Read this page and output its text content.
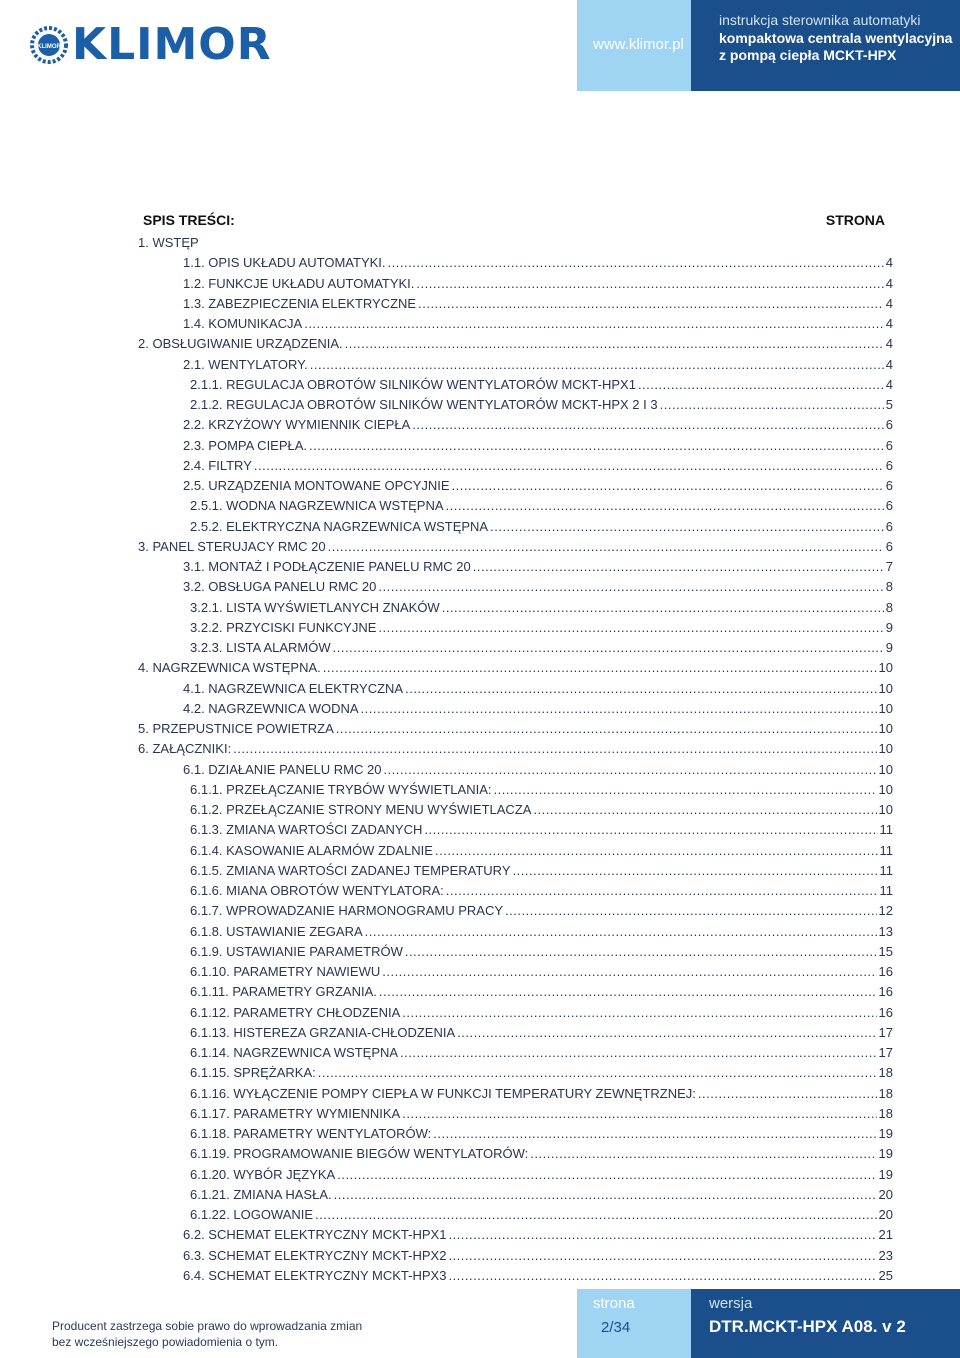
KLIMOR KLIMOR	www.klimor.pl
instrukcja sterownika automatyki
kompaktowa centrala wentylacyjna
z pompą ciepła MCKT-HPX
SPIS TREŚCI:	STRONA
1. WSTĘP
1.1. OPIS UKŁADU AUTOMATYKI. .....	4
1.2. FUNKCJE UKŁADU AUTOMATYKI. .....	4
1.3. ZABEZPIECZENIA ELEKTRYCZNE .....	4
1.4. KOMUNIKACJA .....	4
2. OBSŁUGIWANIE URZĄDZENIA. .....	4
2.1. WENTYLATORY. .....	4
2.1.1. REGULACJA OBROTÓW SILNIKÓW WENTYLATORÓW MCKT-HPX1 .....	4
2.1.2. REGULACJA OBROTÓW SILNIKÓW WENTYLATORÓW MCKT-HPX 2 I 3 .....	5
2.2. KRZYŻOWY WYMIENNIK CIEPŁA .....	6
2.3. POMPA CIEPŁA. .....	6
2.4. FILTRY .....	6
2.5. URZĄDZENIA MONTOWANE OPCYJNIE .....	6
2.5.1. WODNA NAGRZEWNICA WSTĘPNA .....	6
2.5.2. ELEKTRYCZNA NAGRZEWNICA WSTĘPNA .....	6
3. PANEL STERUJACY RMC 20 .....	6
3.1. MONTAŻ I PODŁĄCZENIE PANELU RMC 20 .....	7
3.2. OBSŁUGA PANELU RMC 20 .....	8
3.2.1. LISTA WYŚWIETLANYCH ZNAKÓW .....	8
3.2.2. PRZYCISKI FUNKCYJNE .....	9
3.2.3. LISTA ALARMÓW .....	9
4. NAGRZEWNICA WSTĘPNA. .....	10
4.1. NAGRZEWNICA ELEKTRYCZNA .....	10
4.2. NAGRZEWNICA WODNA .....	10
5. PRZEPUSTNICE POWIETRZA .....	10
6. ZAŁĄCZNIKI: .....	10
6.1. DZIAŁANIE PANELU RMC 20 .....	10
6.1.1. PRZEŁĄCZANIE TRYBÓW WYŚWIETLANIA: .....	10
6.1.2. PRZEŁĄCZANIE STRONY MENU WYŚWIETLACZA .....	10
6.1.3. ZMIANA WARTOŚCI ZADANYCH .....	11
6.1.4. KASOWANIE ALARMÓW ZDALNIE .....	11
6.1.5. ZMIANA WARTOŚCI ZADANEJ TEMPERATURY .....	11
6.1.6. MIANA OBROTÓW WENTYLATORA: .....	11
6.1.7. WPROWADZANIE HARMONOGRAMU PRACY .....	12
6.1.8. USTAWIANIE ZEGARA .....	13
6.1.9. USTAWIANIE PARAMETRÓW .....	15
6.1.10. PARAMETRY NAWIEWU .....	16
6.1.11. PARAMETRY GRZANIA. .....	16
6.1.12. PARAMETRY CHŁODZENIA .....	16
6.1.13. HISTEREZA GRZANIA-CHŁODZENIA .....	17
6.1.14. NAGRZEWNICA WSTĘPNA .....	17
6.1.15. SPRĘŻARKA: .....	18
6.1.16. WYŁĄCZENIE POMPY CIEPŁA W FUNKCJI TEMPERATURY ZEWNĘTRZNEJ: .....	18
6.1.17. PARAMETRY WYMIENNIKA .....	18
6.1.18. PARAMETRY WENTYLATORÓW: .....	19
6.1.19. PROGRAMOWANIE BIEGÓW WENTYLATORÓW: .....	19
6.1.20. WYBÓR JĘZYKA .....	19
6.1.21. ZMIANA HASŁA. .....	20
6.1.22. LOGOWANIE .....	20
6.2. SCHEMAT ELEKTRYCZNY MCKT-HPX1 .....	21
6.3. SCHEMAT ELEKTRYCZNY MCKT-HPX2 .....	23
6.4. SCHEMAT ELEKTRYCZNY MCKT-HPX3 .....	25
Producent zastrzega sobie prawo do wprowadzania zmian
bez wcześniejszego powiadomienia o tym.
strona
2/34
wersja
DTR.MCKT-HPX A08. v 2
